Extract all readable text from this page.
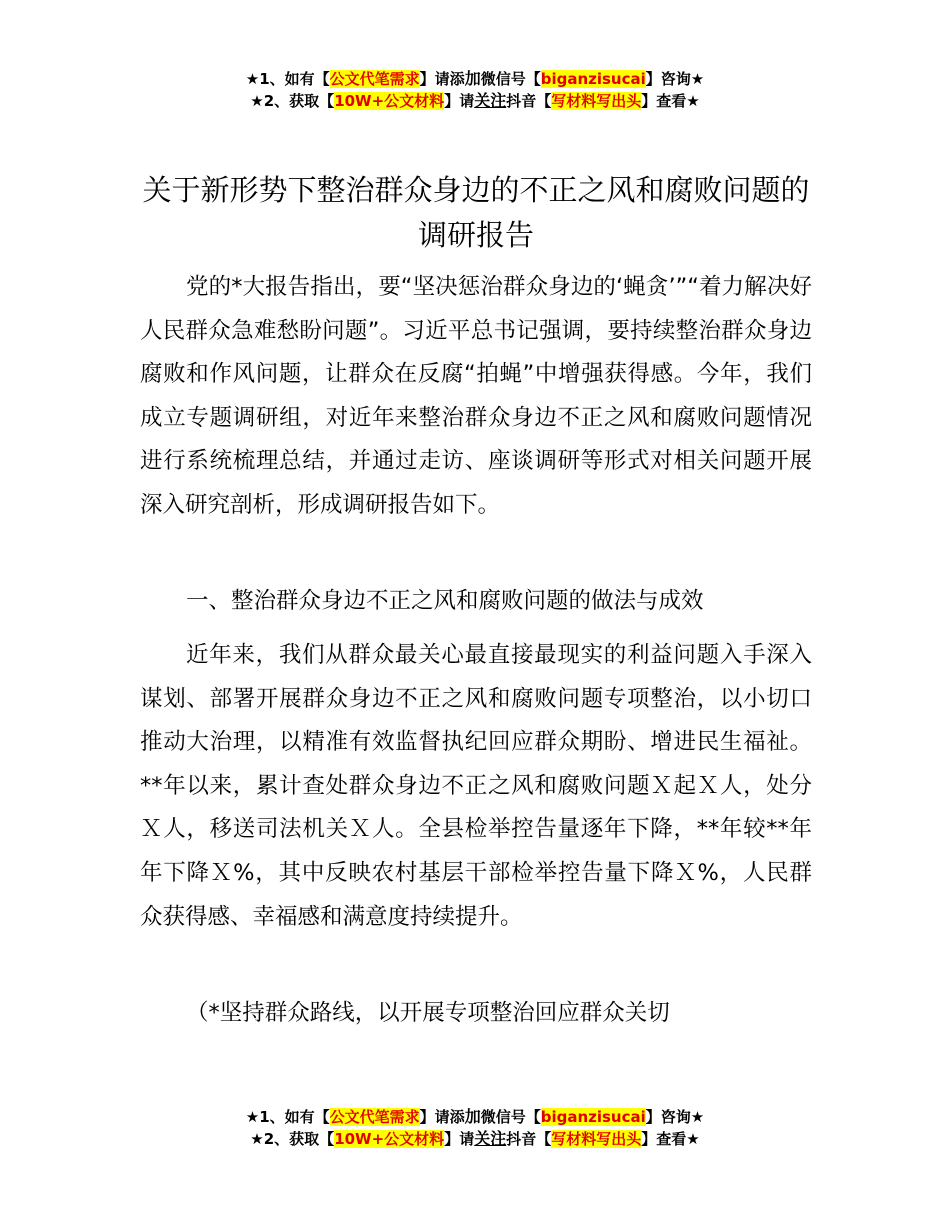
★1、如有【公文代笔需求】请添加微信号【biganzisucai】咨询★
★2、获取【10W+公文材料】请关注抖音【写材料写出头】查看★
关于新形势下整治群众身边的不正之风和腐败问题的调研报告

党的*大报告指出，要“坚决惩治群众身边的‘蝇贪’”“着力解决好人民群众急难愁盼问题”。习近平总书记强调，要持续整治群众身边腐败和作风问题，让群众在反腐“拍蝇”中增强获得感。今年，我们成立专题调研组，对近年来整治群众身边不正之风和腐败问题情况进行系统梳理总结，并通过走访、座谈调研等形式对相关问题开展深入研究剖析，形成调研报告如下。

一、整治群众身边不正之风和腐败问题的做法与成效

近年来，我们从群众最关心最直接最现实的利益问题入手深入谋划、部署开展群众身边不正之风和腐败问题专项整治，以小切口推动大治理，以精准有效监督执纪回应群众期盼、增进民生福祉。**年以来，累计查处群众身边不正之风和腐败问题Ｘ起Ｘ人，处分Ｘ人，移送司法机关Ｘ人。全县检举控告量逐年下降，**年较**年年下降Ｘ%，其中反映农村基层干部检举控告量下降Ｘ%，人民群众获得感、幸福感和满意度持续提升。

（*坚持群众路线，以开展专项整治回应群众关切

★1、如有【公文代笔需求】请添加微信号【biganzisucai】咨询★
★2、获取【10W+公文材料】请关注抖音【写材料写出头】查看★
